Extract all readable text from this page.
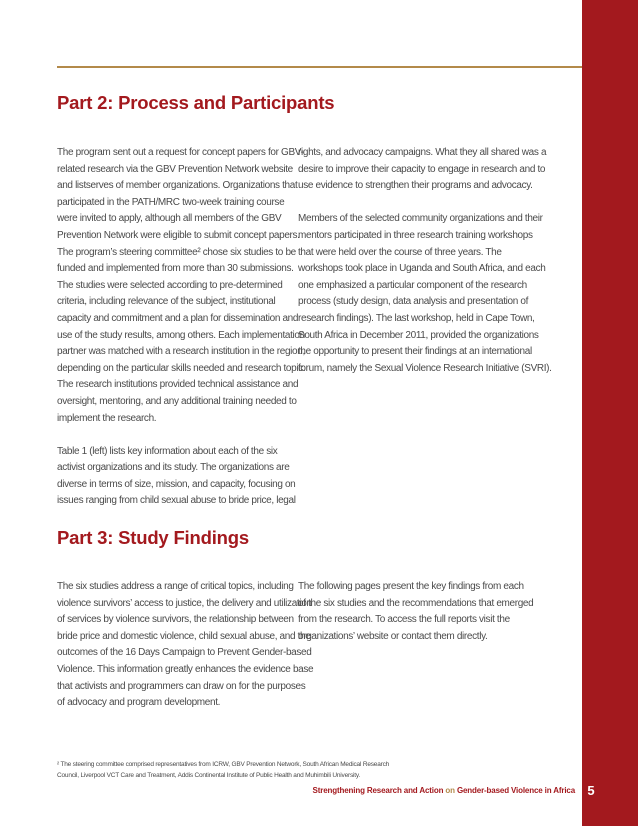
Part 2: Process and Participants

The program sent out a request for concept papers for GBV-
related research via the GBV Prevention Network website
and listserves of member organizations. Organizations that
participated in the PATH/MRC two-week training course
were invited to apply, although all members of the GBV
Prevention Network were eligible to submit concept papers.
The program’s steering committee² chose six studies to be
funded and implemented from more than 30 submissions.
The studies were selected according to pre-determined
criteria, including relevance of the subject, institutional
capacity and commitment and a plan for dissemination and
use of the study results, among others. Each implementation
partner was matched with a research institution in the region,
depending on the particular skills needed and research topic.
The research institutions provided technical assistance and
oversight, mentoring, and any additional training needed to
implement the research.

Table 1 (left) lists key information about each of the six
activist organizations and its study. The organizations are
diverse in terms of size, mission, and capacity, focusing on
issues ranging from child sexual abuse to bride price, legal

rights, and advocacy campaigns. What they all shared was a
desire to improve their capacity to engage in research and to
use evidence to strengthen their programs and advocacy.

Members of the selected community organizations and their
mentors participated in three research training workshops
that were held over the course of three years. The
workshops took place in Uganda and South Africa, and each
one emphasized a particular component of the research
process (study design, data analysis and presentation of
research findings). The last workshop, held in Cape Town,
South Africa in December 2011, provided the organizations
the opportunity to present their findings at an international
forum, namely the Sexual Violence Research Initiative (SVRI).

Part 3: Study Findings

The six studies address a range of critical topics, including
violence survivors’ access to justice, the delivery and utilization
of services by violence survivors, the relationship between
bride price and domestic violence, child sexual abuse, and the
outcomes of the 16 Days Campaign to Prevent Gender-based
Violence. This information greatly enhances the evidence base
that activists and programmers can draw on for the purposes
of advocacy and program development.

The following pages present the key findings from each
of the six studies and the recommendations that emerged
from the research. To access the full reports visit the
organizations’ website or contact them directly.

² The steering committee comprised representatives from ICRW, GBV Prevention Network, South African Medical Research
Council, Liverpool VCT Care and Treatment, Addis Continental Institute of Public Health and Muhimbili University.
Strengthening Research and Action on Gender-based Violence in Africa 5
